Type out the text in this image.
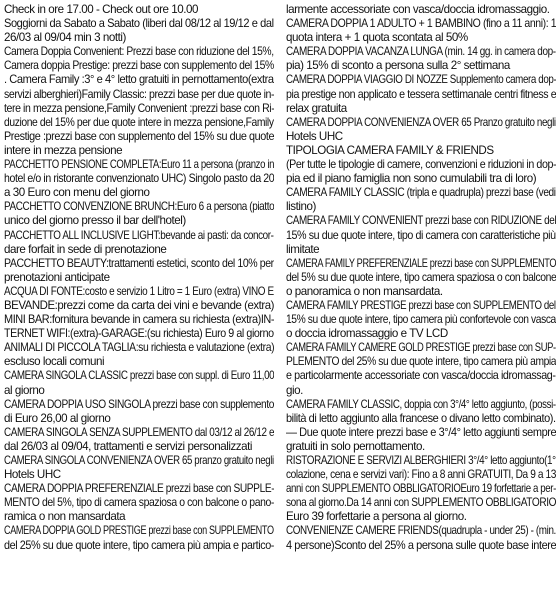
Check in ore 17.00 - Check out ore 10.00

Soggiorni da Sabato a Sabato (liberi dal 08/12 al 19/12 e dal
26/03 al 09/04 min 3 notti)

Camera Doppia Convenient: Prezzi base con riduzione del 15%,
Camera doppia Prestige: prezzi base con supplemento del 15%
. Camera Family :3° e 4° letto gratuiti in pernottamento(extra
servizi alberghieri)Family Classic: prezzi base per due quote in-
tere in mezza pensione,Family Convenient :prezzi base con Ri-
duzione del 15% per due quote intere in mezza pensione,Family
Prestige :prezzi base con supplemento del 15% su due quote
intere in mezza pensione

PACCHETTO PENSIONE COMPLETA:Euro 11 a persona (pranzo in
hotel e/o in ristorante convenzionato UHC) Singolo pasto da 20
a 30 Euro con menu del giorno

PACCHETTO CONVENZIONE BRUNCH:Euro 6 a persona (piatto
unico del giorno presso il bar dell'hotel)

PACCHETTO ALL INCLUSIVE LIGHT:bevande ai pasti: da concor-
dare forfait in sede di prenotazione

PACCHETTO BEAUTY:trattamenti estetici, sconto del 10% per
prenotazioni anticipate

ACQUA DI FONTE:costo e servizio 1 Litro = 1 Euro (extra) VINO E
BEVANDE:prezzi come da carta dei vini e bevande (extra)

MINI BAR:fornitura bevande in camera su richiesta (extra)IN-
TERNET WIFI:(extra)-GARAGE:(su richiesta) Euro 9 al giorno

ANIMALI DI PICCOLA TAGLIA:su richiesta e valutazione (extra)
escluso locali comuni

CAMERA SINGOLA CLASSIC prezzi base con suppl. di Euro 11,00
al giorno

CAMERA DOPPIA USO SINGOLA prezzi base con supplemento
di Euro 26,00 al giorno

CAMERA SINGOLA SENZA SUPPLEMENTO dal 03/12 al 26/12 e
dal 26/03 al 09/04, trattamenti e servizi personalizzati

CAMERA SINGOLA CONVENIENZA OVER 65 pranzo gratuito negli
Hotels UHC

CAMERA DOPPIA PREFERENZIALE prezzi base con SUPPLE-
MENTO del 5%, tipo di camera spaziosa o con balcone o pano-
ramica o non mansardata

CAMERA DOPPIA GOLD PRESTIGE prezzi base con SUPPLEMENTO
del 25% su due quote intere, tipo camera più ampia e partico-

larmente accessoriate con vasca/doccia idromassaggio.

CAMERA DOPPIA 1 ADULTO + 1 BAMBINO (fino a 11 anni): 1
quota intera + 1 quota scontata al 50%

CAMERA DOPPIA VACANZA LUNGA (min. 14 gg. in camera dop-
pia) 15% di sconto a persona sulla 2° settimana

CAMERA DOPPIA VIAGGIO DI NOZZE Supplemento camera dop-
pia prestige non applicato e tessera settimanale centri fitness e
relax gratuita

CAMERA DOPPIA CONVENIENZA OVER 65 Pranzo gratuito negli
Hotels UHC

TIPOLOGIA CAMERA FAMILY & FRIENDS
(Per tutte le tipologie di camere, convenzioni e riduzioni in dop-
pia ed il piano famiglia non sono cumulabili tra di loro)

CAMERA FAMILY CLASSIC (tripla e quadrupla) prezzi base (vedi
listino)

CAMERA FAMILY CONVENIENT prezzi base con RIDUZIONE del
15% su due quote intere, tipo di camera con caratteristiche più
limitate

CAMERA FAMILY PREFERENZIALE prezzi base con SUPPLEMENTO
del 5% su due quote intere, tipo camera spaziosa o con balcone
o panoramica o non mansardata.

CAMERA FAMILY PRESTIGE prezzi base con SUPPLEMENTO del
15% su due quote intere, tipo camera più confortevole con vasca
o doccia idromassaggio e TV LCD

CAMERA FAMILY CAMERE GOLD PRESTIGE prezzi base con SUP-
PLEMENTO del 25% su due quote intere, tipo camera più ampia
e particolarmente accessoriate con vasca/doccia idromassag-
gio.

CAMERA FAMILY CLASSIC, doppia con 3°/4° letto aggiunto, (possi-
bilità di letto aggiunto alla francese o divano letto combinato).
— Due quote intere prezzi base e 3°/4° letto aggiunti sempre
gratuiti in solo pernottamento.

RISTORAZIONE E SERVIZI ALBERGHIERI 3°/4° letto aggiunto(1°
colazione, cena e servizi vari): Fino a 8 anni GRATUITI, Da 9 a 13
anni con SUPPLEMENTO OBBLIGATORIOEuro 19 forfettarie a per-
sona al giorno.Da 14 anni con SUPPLEMENTO OBBLIGATORIO
Euro 39 forfettarie a persona al giorno.

CONVENIENZE CAMERE FRIENDS(quadrupla - under 25) - (min.
4 persone)Sconto del 25% a persona sulle quote base intere
